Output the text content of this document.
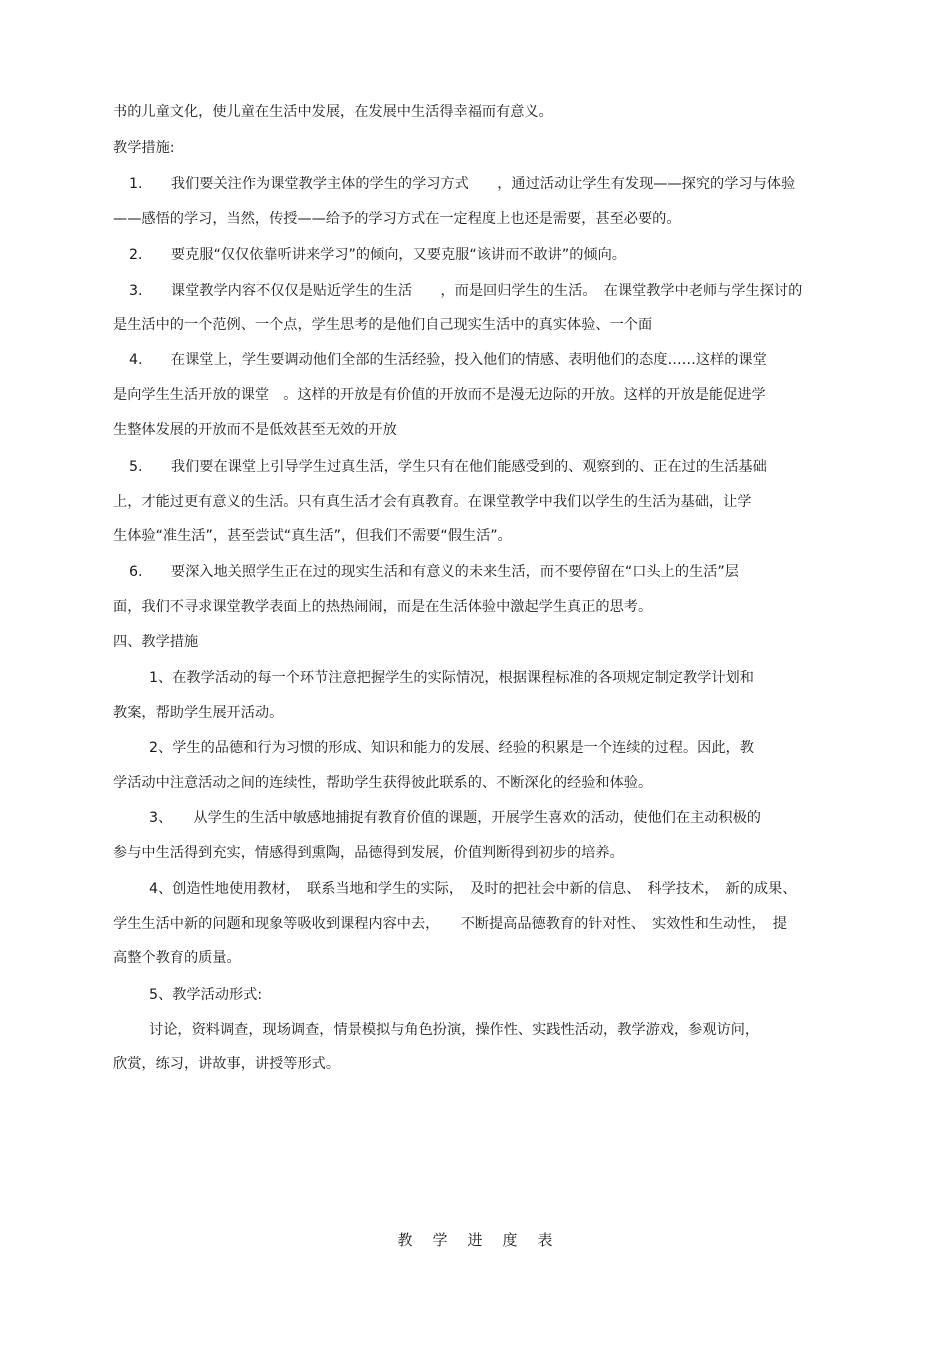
书的儿童文化，使儿童在生活中发展，在发展中生活得幸福而有意义。
教学措施:
1.　　我们要关注作为课堂教学主体的学生的学习方式　　，通过活动让学生有发现——探究的学习与体验
——感悟的学习，当然，传授——给予的学习方式在一定程度上也还是需要，甚至必要的。
2.　　要克服“仅仅依靠听讲来学习”的倾向，又要克服“该讲而不敢讲”的倾向。
3.　　课堂教学内容不仅仅是贴近学生的生活　　，而是回归学生的生活。　在课堂教学中老师与学生探讨的
是生活中的一个范例、一个点，学生思考的是他们自己现实生活中的真实体验、一个面
4.　　在课堂上，学生要调动他们全部的生活经验，投入他们的情感、表明他们的态度……这样的课堂
是向学生生活开放的课堂　。这样的开放是有价值的开放而不是漫无边际的开放。这样的开放是能促进学
生整体发展的开放而不是低效甚至无效的开放
5.　　我们要在课堂上引导学生过真生活，学生只有在他们能感受到的、观察到的、正在过的生活基础
上，才能过更有意义的生活。只有真生活才会有真教育。在课堂教学中我们以学生的生活为基础，让学
生体验“准生活”，甚至尝试“真生活”，但我们不需要“假生活”。
6.　　要深入地关照学生正在过的现实生活和有意义的未来生活，而不要停留在“口头上的生活”层
面，我们不寻求课堂教学表面上的热热闹闹，而是在生活体验中激起学生真正的思考。
四、教学措施
1、在教学活动的每一个环节注意把握学生的实际情况，根据课程标准的各项规定制定教学计划和
教案，帮助学生展开活动。
2、学生的品德和行为习惯的形成、知识和能力的发展、经验的积累是一个连续的过程。因此，教
学活动中注意活动之间的连续性，帮助学生获得彼此联系的、不断深化的经验和体验。
3、　　从学生的生活中敏感地捕捉有教育价值的课题，开展学生喜欢的活动，使他们在主动积极的
参与中生活得到充实，情感得到熏陶，品德得到发展，价值判断得到初步的培养。
4、创造性地使用教材，　联系当地和学生的实际，　及时的把社会中新的信息、　科学技术，　新的成果、
学生生活中新的问题和现象等吸收到课程内容中去，　　不断提高品德教育的针对性、　实效性和生动性，　提
高整个教育的质量。
5、教学活动形式:
讨论，资料调查，现场调查，情景模拟与角色扮演，操作性、实践性活动，教学游戏，参观访问，
欣赏，练习，讲故事，讲授等形式。
教学进度表
